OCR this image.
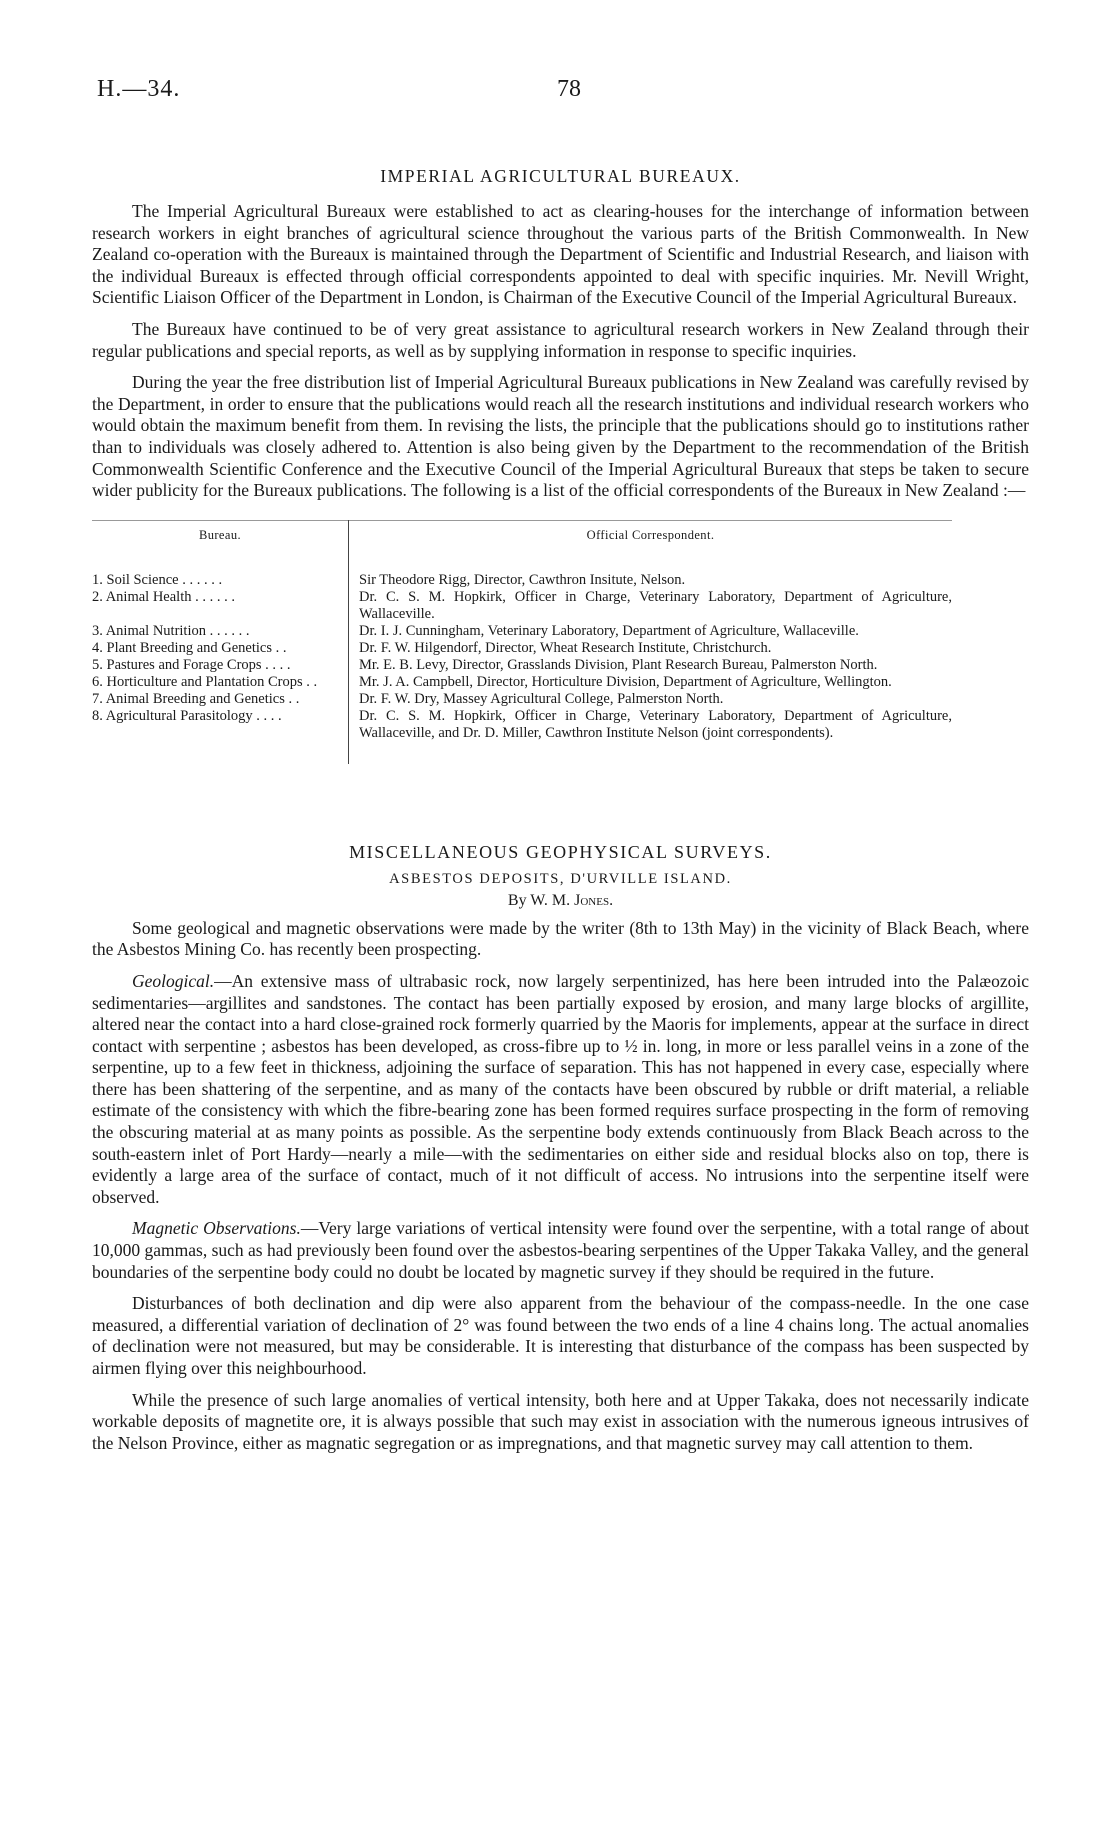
H.—34.	78
IMPERIAL AGRICULTURAL BUREAUX.

The Imperial Agricultural Bureaux were established to act as clearing-houses for the interchange of information between research workers in eight branches of agricultural science throughout the various parts of the British Commonwealth. In New Zealand co-operation with the Bureaux is maintained through the Department of Scientific and Industrial Research, and liaison with the individual Bureaux is effected through official correspondents appointed to deal with specific inquiries. Mr. Nevill Wright, Scientific Liaison Officer of the Department in London, is Chairman of the Executive Council of the Imperial Agricultural Bureaux.

The Bureaux have continued to be of very great assistance to agricultural research workers in New Zealand through their regular publications and special reports, as well as by supplying information in response to specific inquiries.

During the year the free distribution list of Imperial Agricultural Bureaux publications in New Zealand was carefully revised by the Department, in order to ensure that the publications would reach all the research institutions and individual research workers who would obtain the maximum benefit from them. In revising the lists, the principle that the publications should go to institutions rather than to individuals was closely adhered to. Attention is also being given by the Department to the recommendation of the British Commonwealth Scientific Conference and the Executive Council of the Imperial Agricultural Bureaux that steps be taken to secure wider publicity for the Bureaux publications. The following is a list of the official correspondents of the Bureaux in New Zealand :—

Bureau.	Official Correspondent.
1. Soil Science . . . . . .	Sir Theodore Rigg, Director, Cawthron Insitute, Nelson.
2. Animal Health . . . . . .	Dr. C. S. M. Hopkirk, Officer in Charge, Veterinary Laboratory, Department of Agriculture, Wallaceville.
3. Animal Nutrition . . . . . .	Dr. I. J. Cunningham, Veterinary Laboratory, Department of Agriculture, Wallaceville.
4. Plant Breeding and Genetics . .	Dr. F. W. Hilgendorf, Director, Wheat Research Institute, Christchurch.
5. Pastures and Forage Crops . . . .	Mr. E. B. Levy, Director, Grasslands Division, Plant Research Bureau, Palmerston North.
6. Horticulture and Plantation Crops . .	Mr. J. A. Campbell, Director, Horticulture Division, Department of Agriculture, Wellington.
7. Animal Breeding and Genetics . .	Dr. F. W. Dry, Massey Agricultural College, Palmerston North.
8. Agricultural Parasitology . . . .	Dr. C. S. M. Hopkirk, Officer in Charge, Veterinary Laboratory, Department of Agriculture, Wallaceville, and Dr. D. Miller, Cawthron Institute Nelson (joint correspondents).
MISCELLANEOUS GEOPHYSICAL SURVEYS.
ASBESTOS DEPOSITS, D'URVILLE ISLAND.
By W. M. Jones.

Some geological and magnetic observations were made by the writer (8th to 13th May) in the vicinity of Black Beach, where the Asbestos Mining Co. has recently been prospecting.

Geological.—An extensive mass of ultrabasic rock, now largely serpentinized, has here been intruded into the Palæozoic sedimentaries—argillites and sandstones. The contact has been partially exposed by erosion, and many large blocks of argillite, altered near the contact into a hard close-grained rock formerly quarried by the Maoris for implements, appear at the surface in direct contact with serpentine ; asbestos has been developed, as cross-fibre up to ½ in. long, in more or less parallel veins in a zone of the serpentine, up to a few feet in thickness, adjoining the surface of separation. This has not happened in every case, especially where there has been shattering of the serpentine, and as many of the contacts have been obscured by rubble or drift material, a reliable estimate of the consistency with which the fibre-bearing zone has been formed requires surface prospecting in the form of removing the obscuring material at as many points as possible. As the serpentine body extends continuously from Black Beach across to the south-eastern inlet of Port Hardy—nearly a mile—with the sedimentaries on either side and residual blocks also on top, there is evidently a large area of the surface of contact, much of it not difficult of access. No intrusions into the serpentine itself were observed.

Magnetic Observations.—Very large variations of vertical intensity were found over the serpentine, with a total range of about 10,000 gammas, such as had previously been found over the asbestos-bearing serpentines of the Upper Takaka Valley, and the general boundaries of the serpentine body could no doubt be located by magnetic survey if they should be required in the future.

Disturbances of both declination and dip were also apparent from the behaviour of the compass-needle. In the one case measured, a differential variation of declination of 2° was found between the two ends of a line 4 chains long. The actual anomalies of declination were not measured, but may be considerable. It is interesting that disturbance of the compass has been suspected by airmen flying over this neighbourhood.

While the presence of such large anomalies of vertical intensity, both here and at Upper Takaka, does not necessarily indicate workable deposits of magnetite ore, it is always possible that such may exist in association with the numerous igneous intrusives of the Nelson Province, either as magnatic segregation or as impregnations, and that magnetic survey may call attention to them.
